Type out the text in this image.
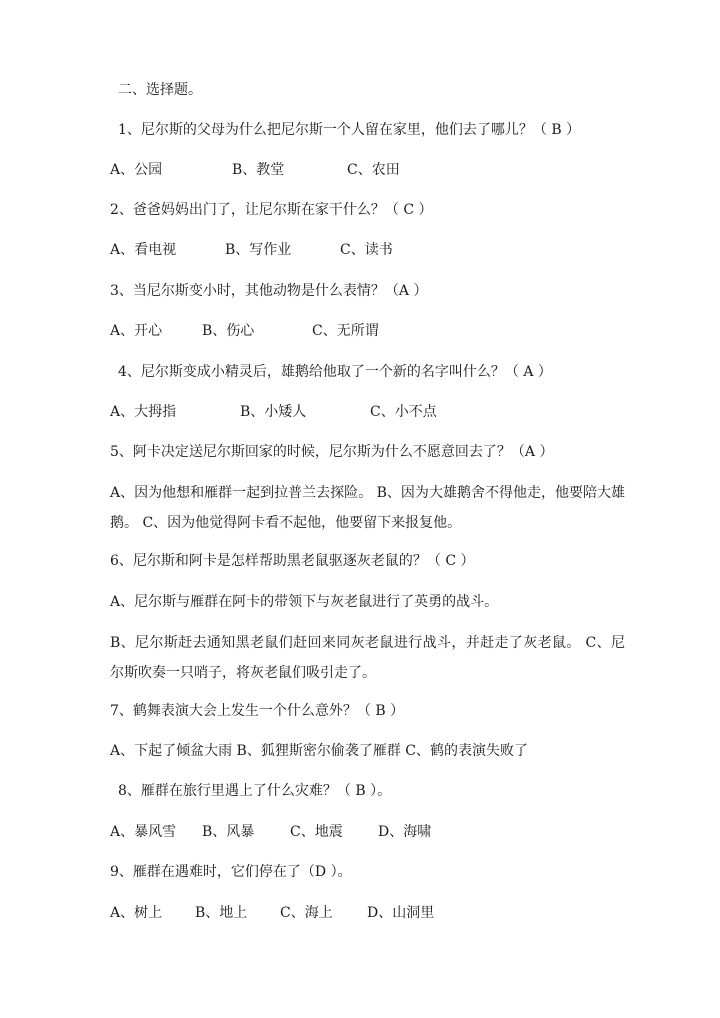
二、选择题。
1、尼尔斯的父母为什么把尼尔斯一个人留在家里，他们去了哪儿？（ B ）
A、公园	B、教堂	C、农田
2、爸爸妈妈出门了，让尼尔斯在家干什么？（ C ）
A、看电视	B、写作业	C、读书
3、当尼尔斯变小时，其他动物是什么表情？（A ）
A、开心	B、伤心	C、无所谓
4、尼尔斯变成小精灵后，雄鹅给他取了一个新的名字叫什么？（ A ）
A、大拇指	B、小矮人	C、小不点
5、阿卡决定送尼尔斯回家的时候，尼尔斯为什么不愿意回去了？（A ）
A、因为他想和雁群一起到拉普兰去探险。 B、因为大雄鹅舍不得他走，他要陪大雄鹅。 C、因为他觉得阿卡看不起他，他要留下来报复他。
6、尼尔斯和阿卡是怎样帮助黑老鼠驱逐灰老鼠的？（ C ）
A、尼尔斯与雁群在阿卡的带领下与灰老鼠进行了英勇的战斗。
B、尼尔斯赶去通知黑老鼠们赶回来同灰老鼠进行战斗，并赶走了灰老鼠。 C、尼尔斯吹奏一只哨子，将灰老鼠们吸引走了。
7、鹤舞表演大会上发生一个什么意外？（ B ）
A、下起了倾盆大雨 B、狐狸斯密尔偷袭了雁群 C、鹤的表演失败了
8、雁群在旅行里遇上了什么灾难？（ B ）。
A、暴风雪 B、风暴	C、地震	D、海啸
9、雁群在遇难时，它们停在了（D ）。
A、树上 B、地上 C、海上 D、山洞里
